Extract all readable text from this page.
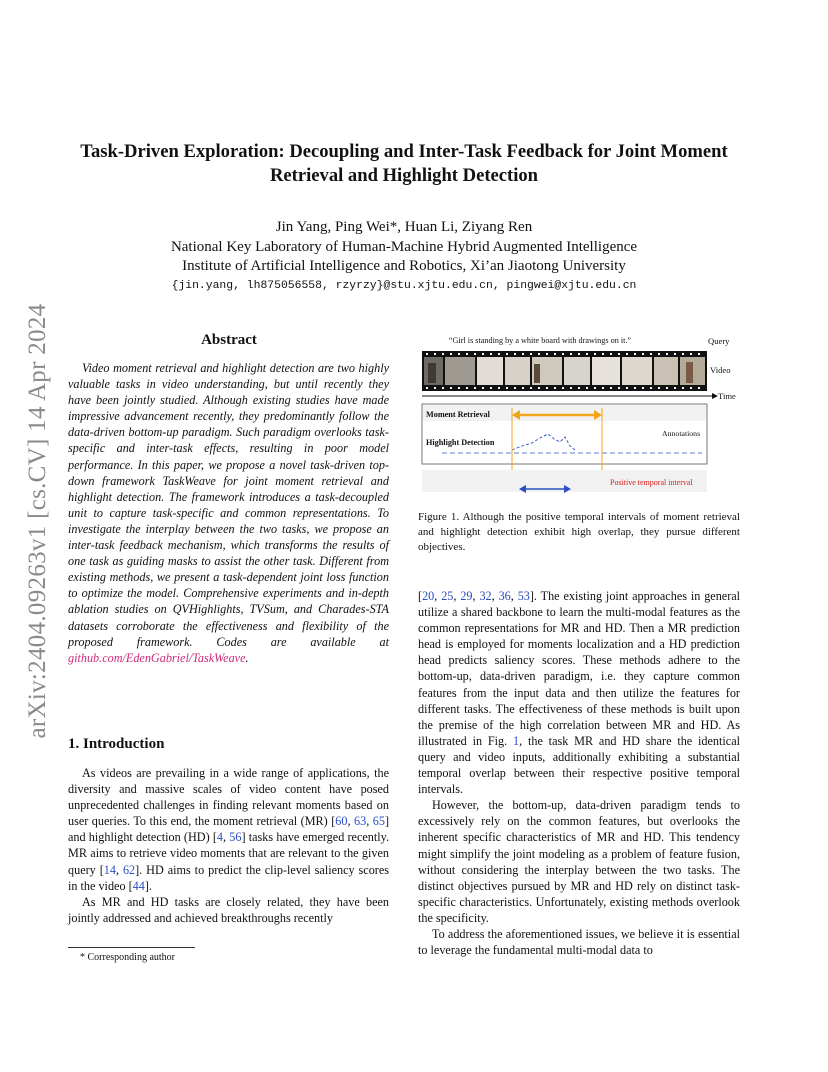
arXiv:2404.09263v1 [cs.CV] 14 Apr 2024
Task-Driven Exploration: Decoupling and Inter-Task Feedback for Joint Moment Retrieval and Highlight Detection
Jin Yang, Ping Wei*, Huan Li, Ziyang Ren
National Key Laboratory of Human-Machine Hybrid Augmented Intelligence
Institute of Artificial Intelligence and Robotics, Xi’an Jiaotong University
{jin.yang, lh875056558, rzyrzy}@stu.xjtu.edu.cn, pingwei@xjtu.edu.cn
Abstract
Video moment retrieval and highlight detection are two highly valuable tasks in video understanding, but until recently they have been jointly studied. Although existing studies have made impressive advancement recently, they predominantly follow the data-driven bottom-up paradigm. Such paradigm overlooks task-specific and inter-task effects, resulting in poor model performance. In this paper, we propose a novel task-driven top-down framework TaskWeave for joint moment retrieval and highlight detection. The framework introduces a task-decoupled unit to capture task-specific and common representations. To investigate the interplay between the two tasks, we propose an inter-task feedback mechanism, which transforms the results of one task as guiding masks to assist the other task. Different from existing methods, we present a task-dependent joint loss function to optimize the model. Comprehensive experiments and in-depth ablation studies on QVHighlights, TVSum, and Charades-STA datasets corroborate the effectiveness and flexibility of the proposed framework. Codes are available at github.com/EdenGabriel/TaskWeave.
1. Introduction

As videos are prevailing in a wide range of applications, the diversity and massive scales of video content have posed unprecedented challenges in finding relevant moments based on user queries. To this end, the moment retrieval (MR) [60, 63, 65] and highlight detection (HD) [4, 56] tasks have emerged recently. MR aims to retrieve video moments that are relevant to the given query [14, 62]. HD aims to predict the clip-level saliency scores in the video [44].

As MR and HD tasks are closely related, they have been jointly addressed and achieved breakthroughs recently

* Corresponding author
“Girl is standing by a white board with drawings on it.”	Query
Video
Time
Moment Retrieval
Highlight Detection
Annotations
Positive temporal interval
Figure 1. Although the positive temporal intervals of moment retrieval and highlight detection exhibit high overlap, they pursue different objectives.

[20, 25, 29, 32, 36, 53]. The existing joint approaches in general utilize a shared backbone to learn the multi-modal features as the common representations for MR and HD. Then a MR prediction head is employed for moments localization and a HD prediction head predicts saliency scores. These methods adhere to the bottom-up, data-driven paradigm, i.e. they capture common features from the input data and then utilize the features for different tasks. The effectiveness of these methods is built upon the premise of the high correlation between MR and HD. As illustrated in Fig. 1, the task MR and HD share the identical query and video inputs, additionally exhibiting a substantial temporal overlap between their respective positive temporal intervals.

However, the bottom-up, data-driven paradigm tends to excessively rely on the common features, but overlooks the inherent specific characteristics of MR and HD. This tendency might simplify the joint modeling as a problem of feature fusion, without considering the interplay between the two tasks. The distinct objectives pursued by MR and HD rely on distinct task-specific characteristics. Unfortunately, existing methods overlook the specificity.

To address the aforementioned issues, we believe it is essential to leverage the fundamental multi-modal data to
